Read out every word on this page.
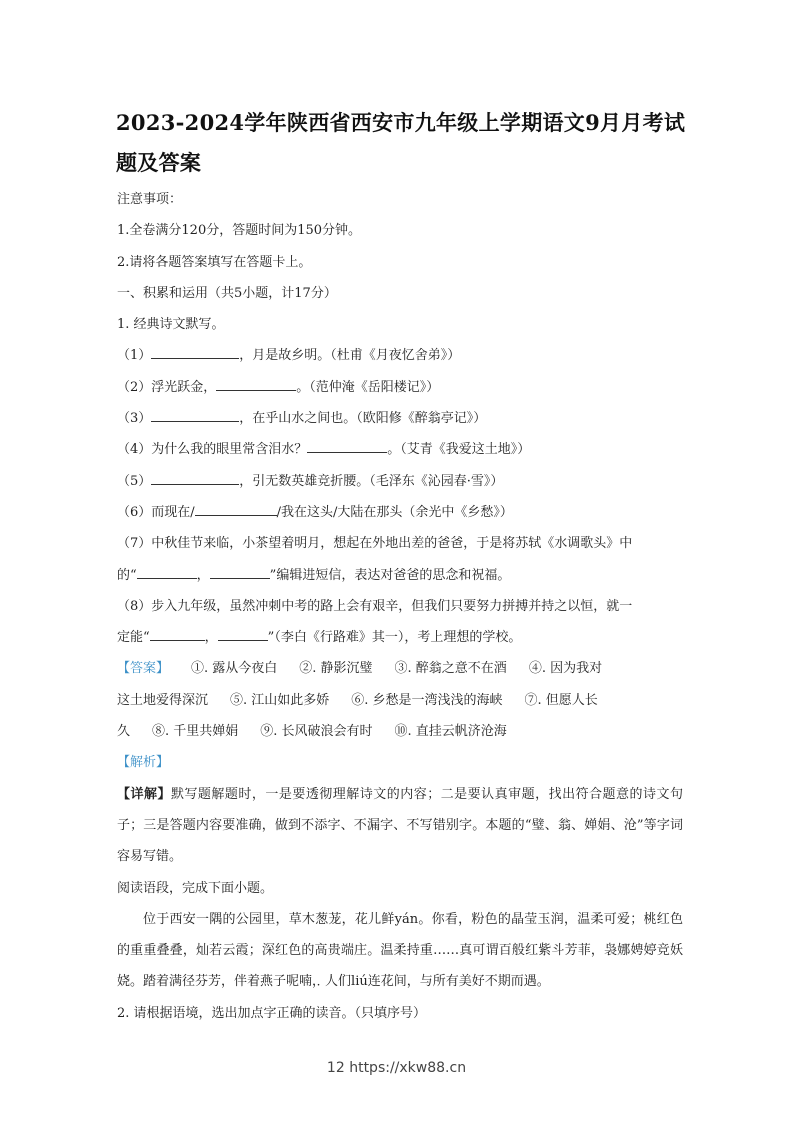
2023-2024学年陕西省西安市九年级上学期语文9月月考试
题及答案
注意事项：
1.全卷满分120分，答题时间为150分钟。
2.请将各题答案填写在答题卡上。
一、积累和运用（共5小题，计17分）
1. 经典诗文默写。
（1）	，月是故乡明。（杜甫《月夜忆舍弟》）
（2）浮光跃金，	。（范仲淹《岳阳楼记》）
（3）	，在乎山水之间也。（欧阳修《醉翁亭记》）
（4）为什么我的眼里常含泪水？	。（艾青《我爱这土地》）
（5）	，引无数英雄竞折腰。（毛泽东《沁园春·雪》）
（6）而现在/	/我在这头/大陆在那头（余光中《乡愁》）
（7）中秋佳节来临，小茶望着明月，想起在外地出差的爸爸，于是将苏轼《水调歌头》中
的“	，	”编辑进短信，表达对爸爸的思念和祝福。
（8）步入九年级，虽然冲刺中考的路上会有艰辛，但我们只要努力拼搏并持之以恒，就一
定能“	，	”（李白《行路难》其一），考上理想的学校。
【答案】 ①. 露从今夜白 ②. 静影沉璧 ③. 醉翁之意不在酒 ④. 因为我对
这土地爱得深沉 ⑤. 江山如此多娇 ⑥. 乡愁是一湾浅浅的海峡 ⑦. 但愿人长
久 ⑧. 千里共婵娟 ⑨. 长风破浪会有时 ⑩. 直挂云帆济沧海
【解析】
【详解】默写题解题时，一是要透彻理解诗文的内容；二是要认真审题，找出符合题意的诗文句子；三是答题内容要准确，做到不添字、不漏字、不写错别字。本题的“璧、翁、婵娟、沧”等字词容易写错。
阅读语段，完成下面小题。
位于西安一隅的公园里，草木葱茏，花儿鲜yán。你看，粉色的晶莹玉润，温柔可爱；桃红色的重重叠叠，灿若云霞；深红色的高贵端庄。温柔持重……真可谓百般红紫斗芳菲，袅娜娉婷竞妖娆。踏着满径芬芳，伴着燕子呢喃，人们liú连花间，与所有美好不期而遇。
2. 请根据语境，选出加点字正确的读音。（只填序号）
12 https://xkw88.cn
